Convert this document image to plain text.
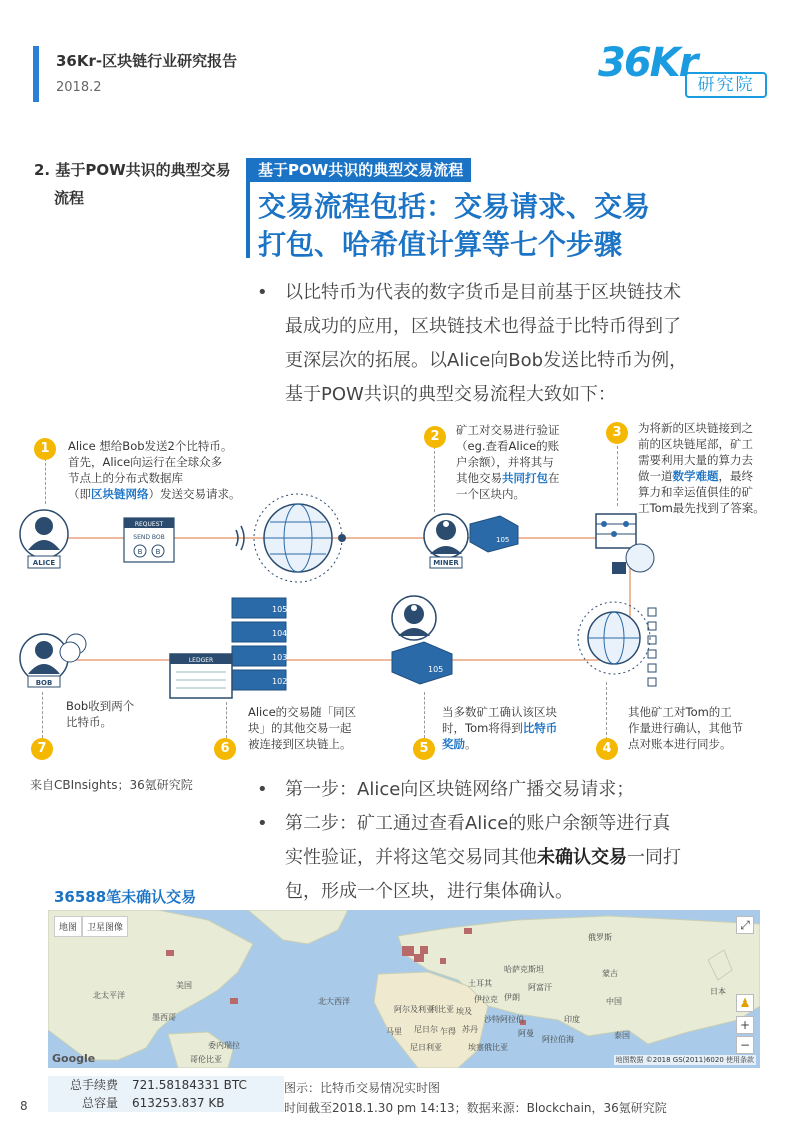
36Kr-区块链行业研究报告
2018.2
36Kr 研究院
2. 基于POW共识的典型交易
流程
基于POW共识的典型交易流程
交易流程包括：交易请求、交易
打包、哈希值计算等七个步骤
• 以比特币为代表的数字货币是目前基于区块链技术
最成功的应用，区块链技术也得益于比特币得到了
更深层次的拓展。以Alice向Bob发送比特币为例，
基于POW共识的典型交易流程大致如下：
ALICE
REQUEST
SEND BOB
B B
MINER
105
105
105
104
103
102
LEDGER
BOB
1	Alice 想给Bob发送2个比特币。
首先，Alice向运行在全球众多
节点上的分布式数据库
（即区块链网络）发送交易请求。
2	矿工对交易进行验证
（eg.查看Alice的账
户余额），并将其与
其他交易共同打包在
一个区块内。
3	为将新的区块链接到之
前的区块链尾部，矿工
需要利用大量的算力去
做一道数学难题，最终
算力和幸运值俱佳的矿
工Tom最先找到了答案。
4
其他矿工对Tom的工
作量进行确认，其他节
点对账本进行同步。
5
当多数矿工确认该区块
时，Tom将得到比特币
奖励。
6
Alice的交易随「同区
块」的其他交易一起
被连接到区块链上。
7
Bob收到两个
比特币。
来自CBInsights；36氪研究院	• 第一步：Alice向区块链网络广播交易请求；
• 第二步：矿工通过查看Alice的账户余额等进行真
实性验证，并将这笔交易同其他未确认交易一同打
包，形成一个区块，进行集体确认。
36588笔未确认交易
地图	卫星图像	⤢
♟
+
−
北太平洋
墨西哥
美国
北大西洋
委内瑞拉
哥伦比亚
俄罗斯
哈萨克斯坦	蒙古
中国
日本
土耳其
伊拉克 伊朗
阿富汗
沙特阿拉伯
阿曼
阿拉伯海
印度
泰国
阿尔及利亚
利比亚 埃及
马里 尼日尔 乍得 苏丹
尼日利亚	埃塞俄比亚
Google	地图数据 ©2018 GS(2011)6020 使用条款
总手续费	721.58184331 BTC
总容量	613253.837 KB
图示：比特币交易情况实时图
时间截至2018.1.30 pm 14:13；数据来源：Blockchain，36氪研究院
8
